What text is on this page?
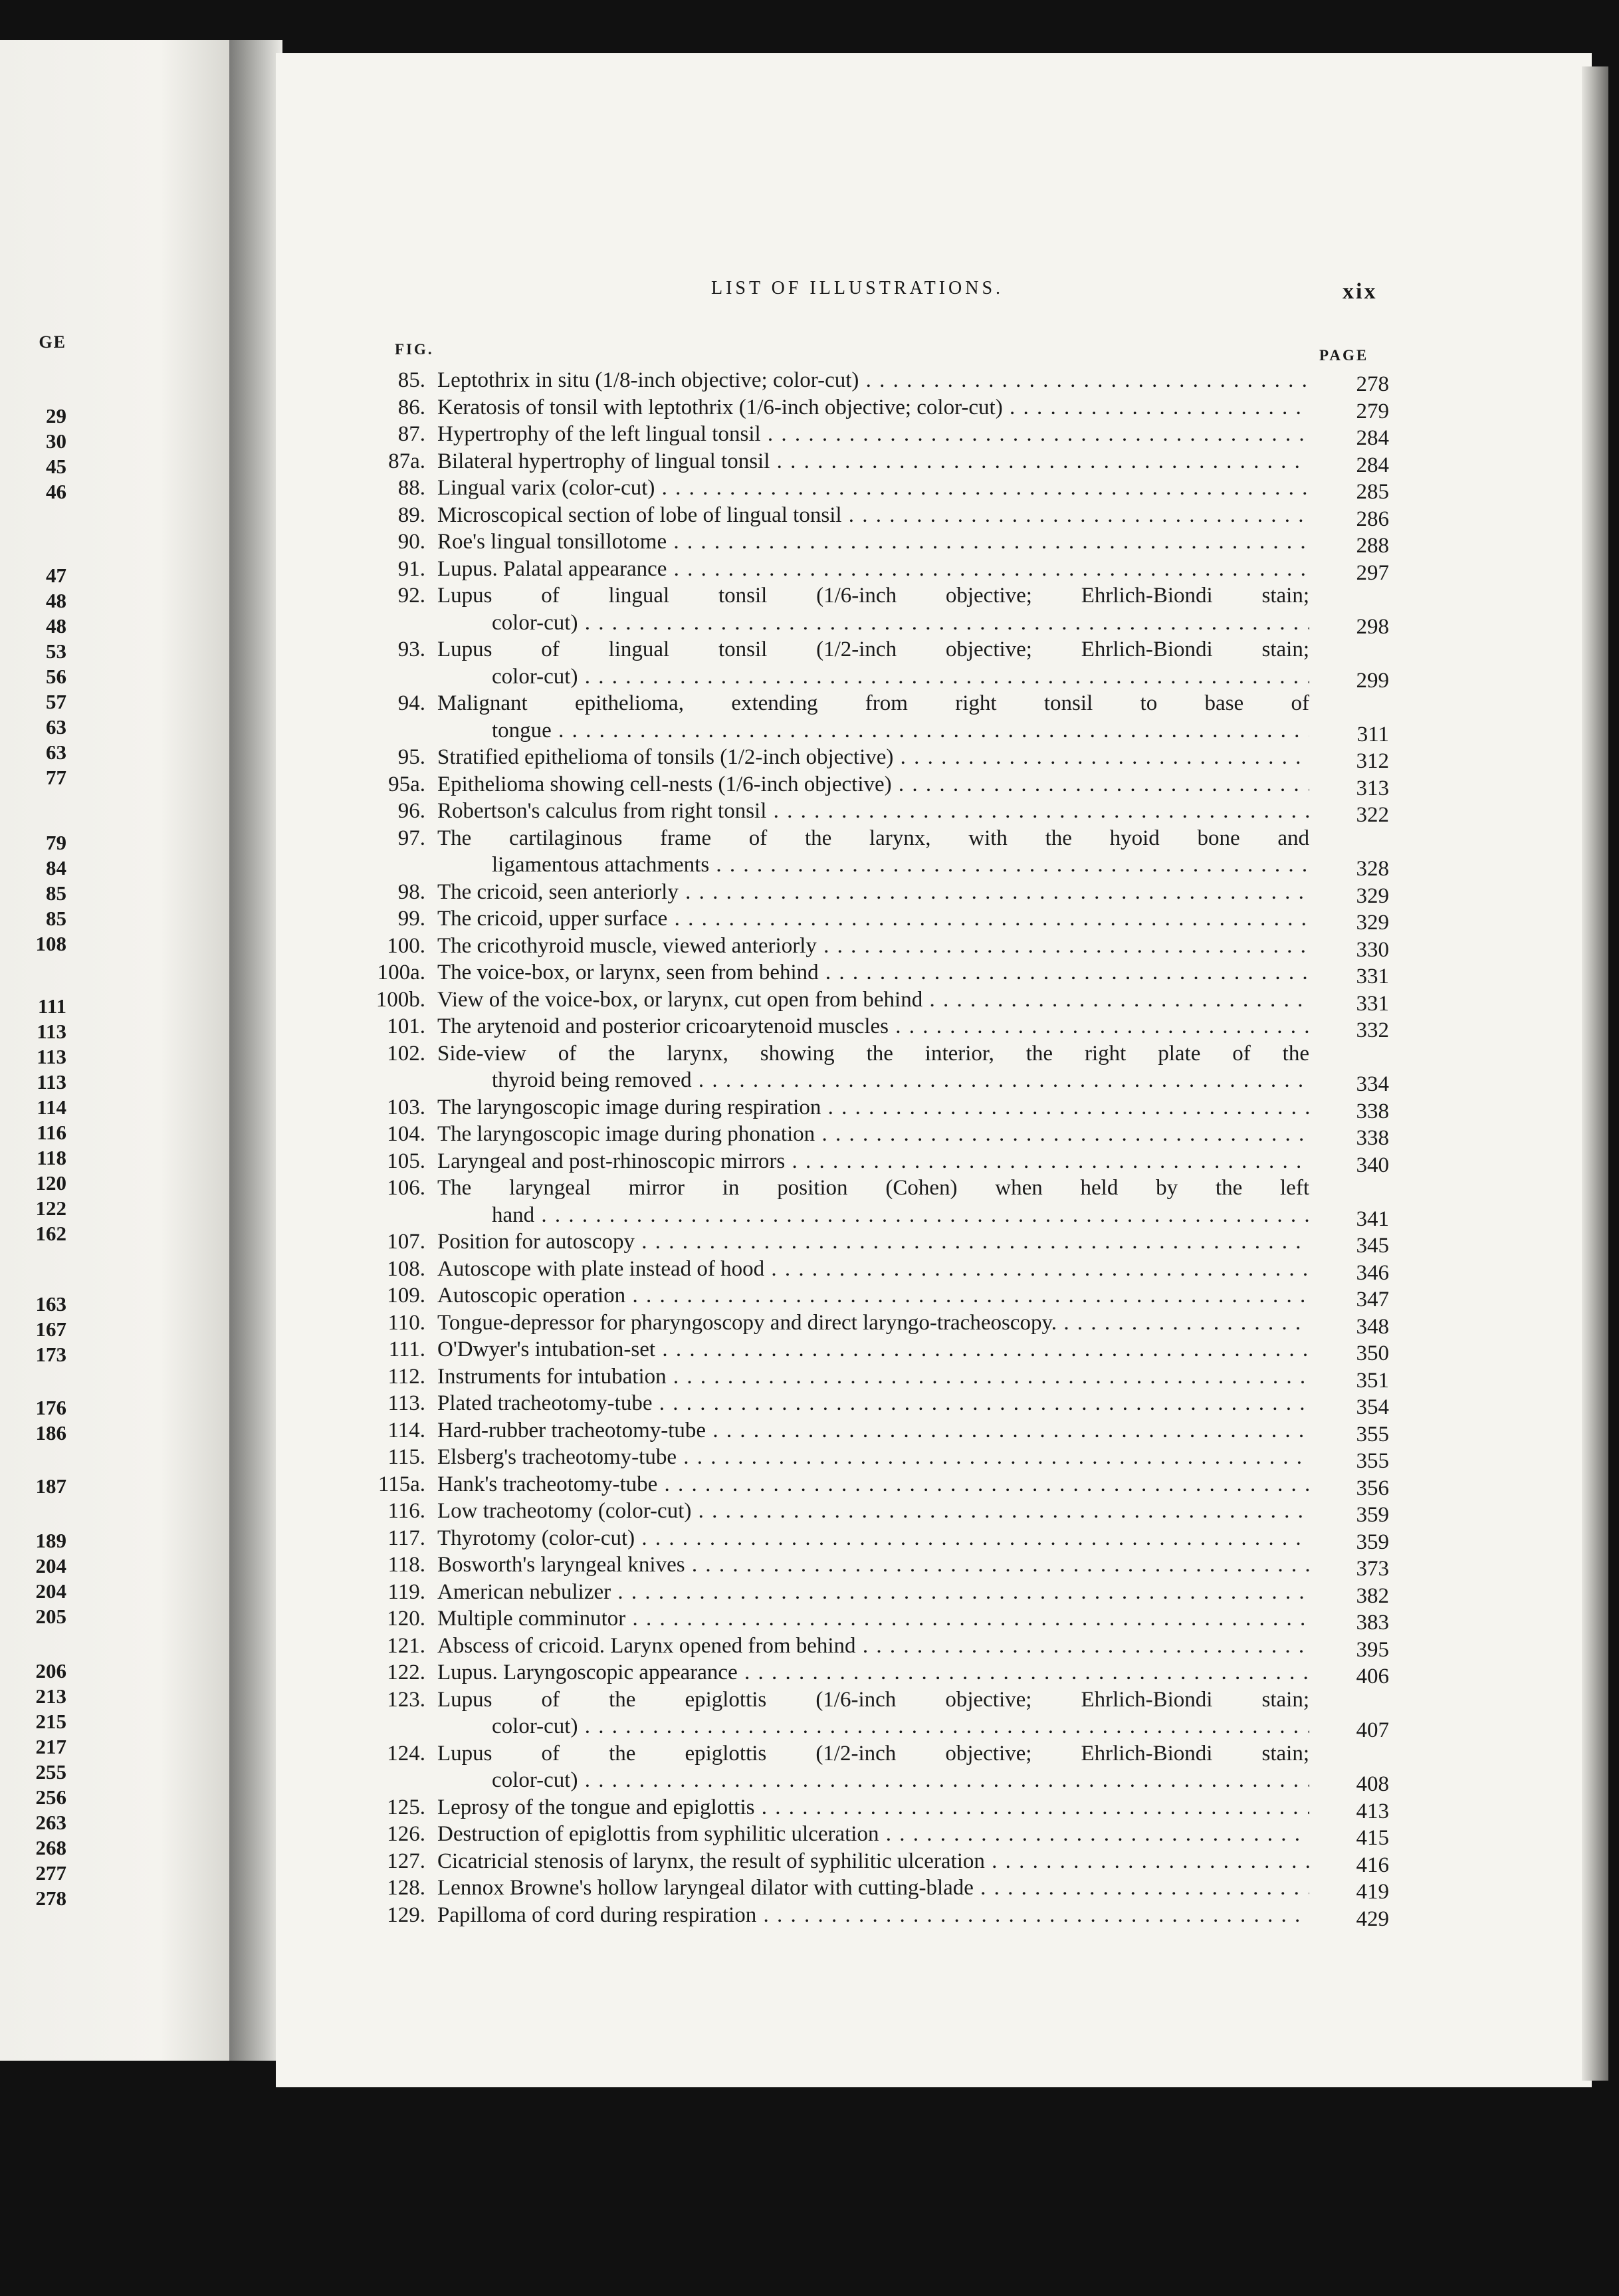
GE
29
30
45
46
47
48
48
53
56
57
63
63
77
79
84
85
85
108
111
113
113
113
114
116
118
120
122
162
163
167
173
176
186
187
189
204
204
205
206
213
215
217
255
256
263
268
277
278
LIST OF ILLUSTRATIONS.	xix
FIG.	PAGE
85. Leptothrix in situ (1/8-inch objective; color-cut) . . .	278
86. Keratosis of tonsil with leptothrix (1/6-inch objective; color-cut) . . .	279
87. Hypertrophy of the left lingual tonsil . . .	284
87a. Bilateral hypertrophy of lingual tonsil . . .	284
88. Lingual varix (color-cut) . . .	285
89. Microscopical section of lobe of lingual tonsil . . .	286
90. Roe's lingual tonsillotome . . .	288
91. Lupus. Palatal appearance . . .	297
92. Lupus of lingual tonsil (1/6-inch objective; Ehrlich-Biondi stain;
color-cut) . . .	298
93. Lupus of lingual tonsil (1/2-inch objective; Ehrlich-Biondi stain;
color-cut) . . .	299
94. Malignant epithelioma, extending from right tonsil to base of
tongue . . .	311
95. Stratified epithelioma of tonsils (1/2-inch objective) . . .	312
95a. Epithelioma showing cell-nests (1/6-inch objective) . . .	313
96. Robertson's calculus from right tonsil . . .	322
97. The cartilaginous frame of the larynx, with the hyoid bone and
ligamentous attachments . . .	328
98. The cricoid, seen anteriorly . . .	329
99. The cricoid, upper surface . . .	329
100. The cricothyroid muscle, viewed anteriorly . . .	330
100a. The voice-box, or larynx, seen from behind . . .	331
100b. View of the voice-box, or larynx, cut open from behind . . .	331
101. The arytenoid and posterior cricoarytenoid muscles . . .	332
102. Side-view of the larynx, showing the interior, the right plate of the
thyroid being removed . . .	334
103. The laryngoscopic image during respiration . . .	338
104. The laryngoscopic image during phonation . . .	338
105. Laryngeal and post-rhinoscopic mirrors . . .	340
106. The laryngeal mirror in position (Cohen) when held by the left
hand . . .	341
107. Position for autoscopy . . .	345
108. Autoscope with plate instead of hood . . .	346
109. Autoscopic operation . . .	347
110. Tongue-depressor for pharyngoscopy and direct laryngo-tracheoscopy. . . .	348
111. O'Dwyer's intubation-set . . .	350
112. Instruments for intubation . . .	351
113. Plated tracheotomy-tube . . .	354
114. Hard-rubber tracheotomy-tube . . .	355
115. Elsberg's tracheotomy-tube . . .	355
115a. Hank's tracheotomy-tube . . .	356
116. Low tracheotomy (color-cut) . . .	359
117. Thyrotomy (color-cut) . . .	359
118. Bosworth's laryngeal knives . . .	373
119. American nebulizer . . .	382
120. Multiple comminutor . . .	383
121. Abscess of cricoid. Larynx opened from behind . . .	395
122. Lupus. Laryngoscopic appearance . . .	406
123. Lupus of the epiglottis (1/6-inch objective; Ehrlich-Biondi stain;
color-cut) . . .	407
124. Lupus of the epiglottis (1/2-inch objective; Ehrlich-Biondi stain;
color-cut) . . .	408
125. Leprosy of the tongue and epiglottis . . .	413
126. Destruction of epiglottis from syphilitic ulceration . . .	415
127. Cicatricial stenosis of larynx, the result of syphilitic ulceration . . .	416
128. Lennox Browne's hollow laryngeal dilator with cutting-blade . . .	419
129. Papilloma of cord during respiration . . .	429
